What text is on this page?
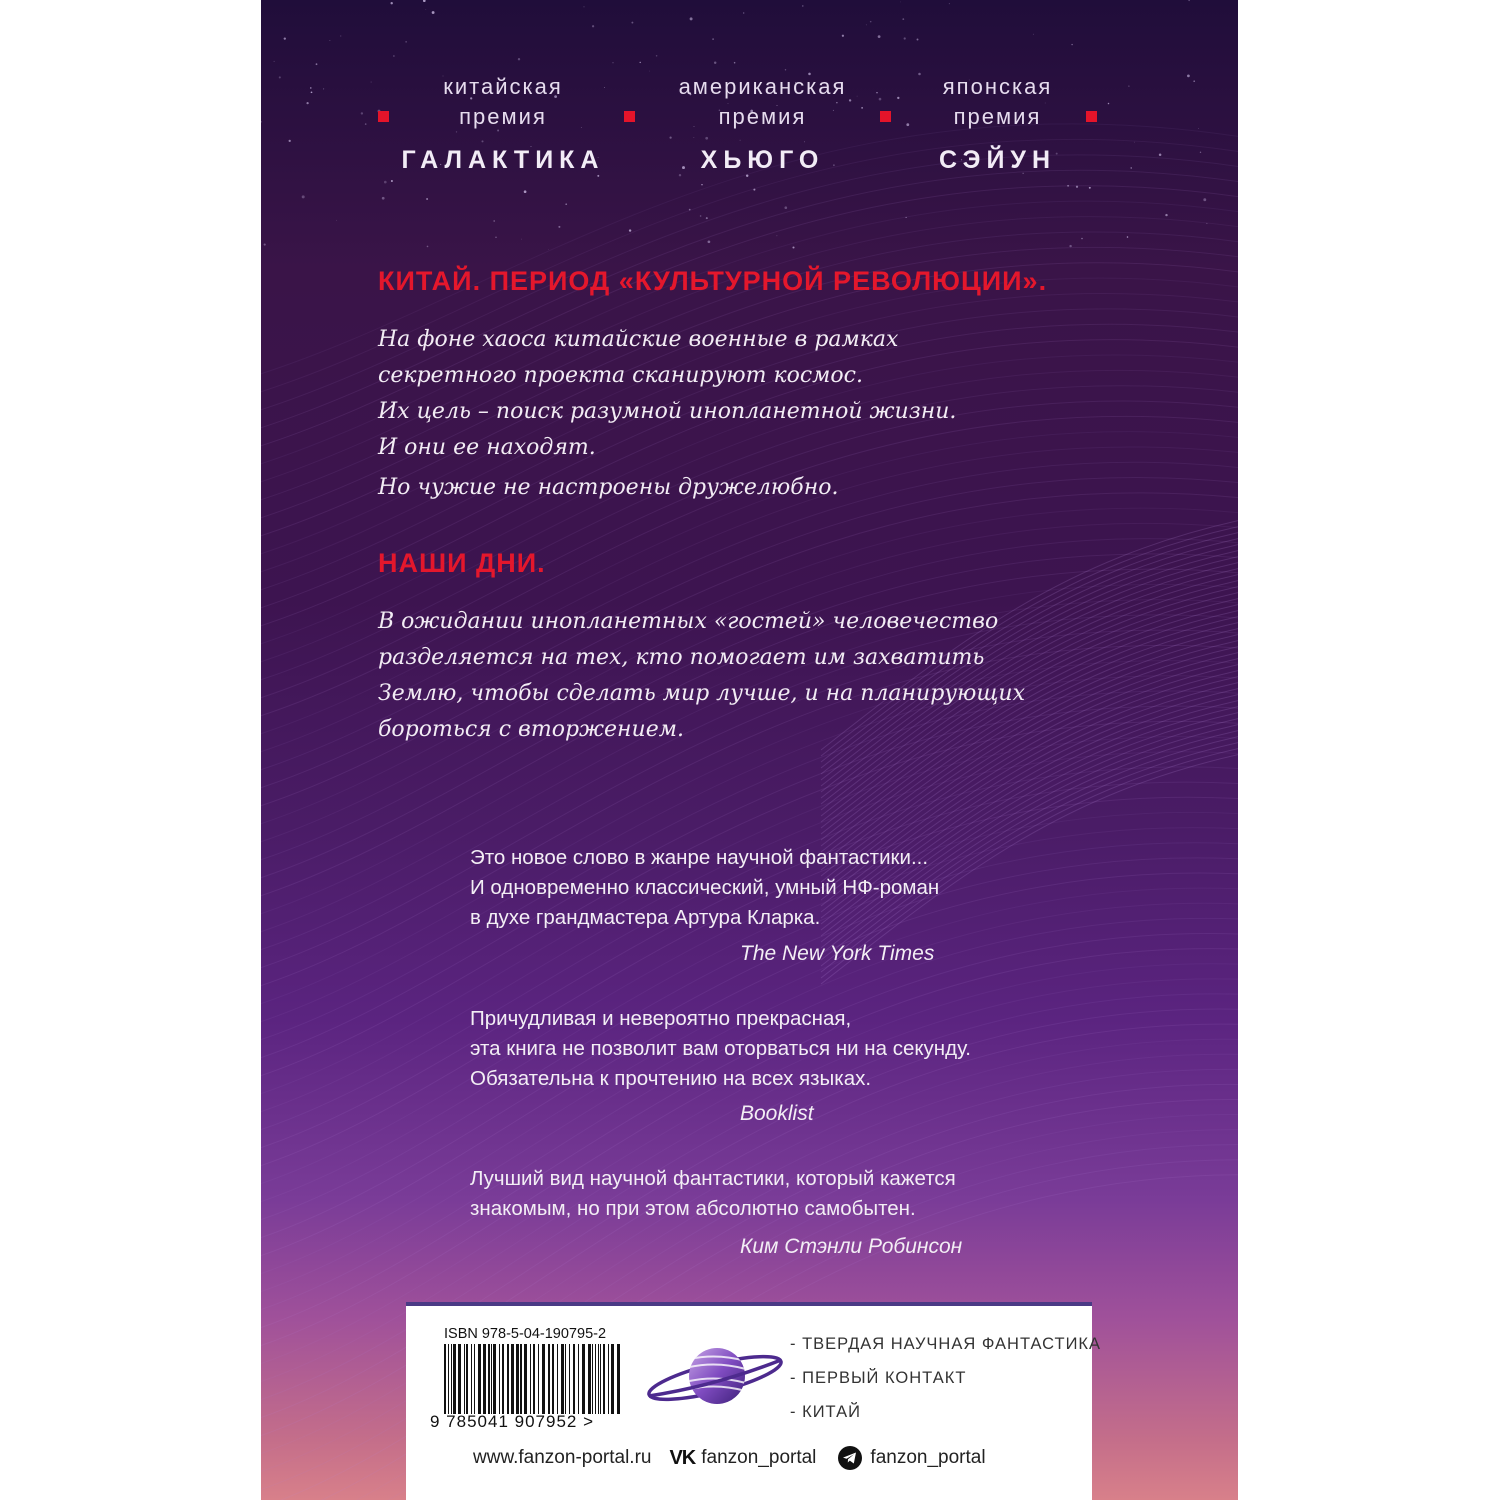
китайская
премия
ГАЛАКТИКА
американская
премия
ХЬЮГО
японская
премия
СЭЙУН
КИТАЙ. ПЕРИОД «КУЛЬТУРНОЙ РЕВОЛЮЦИИ».
На фоне хаоса китайские военные в рамках
секретного проекта сканируют космос.
Их цель – поиск разумной инопланетной жизни.
И они ее находят.
Но чужие не настроены дружелюбно.
НАШИ ДНИ.
В ожидании инопланетных «гостей» человечество
разделяется на тех, кто помогает им захватить
Землю, чтобы сделать мир лучше, и на планирующих
бороться с вторжением.
Это новое слово в жанре научной фантастики...
И одновременно классический, умный НФ-роман
в духе грандмастера Артура Кларка.
The New York Times
Причудливая и невероятно прекрасная,
эта книга не позволит вам оторваться ни на секунду.
Обязательна к прочтению на всех языках.
Booklist
Лучший вид научной фантастики, который кажется
знакомым, но при этом абсолютно самобытен.
Ким Стэнли Робинсон
ISBN 978-5-04-190795-2
9 785041 907952 >
- ТВЕРДАЯ НАУЧНАЯ ФАНТАСТИКА
- ПЕРВЫЙ КОНТАКТ
- КИТАЙ
www.fanzon-portal.ru VK fanzon_portal	fanzon_portal
